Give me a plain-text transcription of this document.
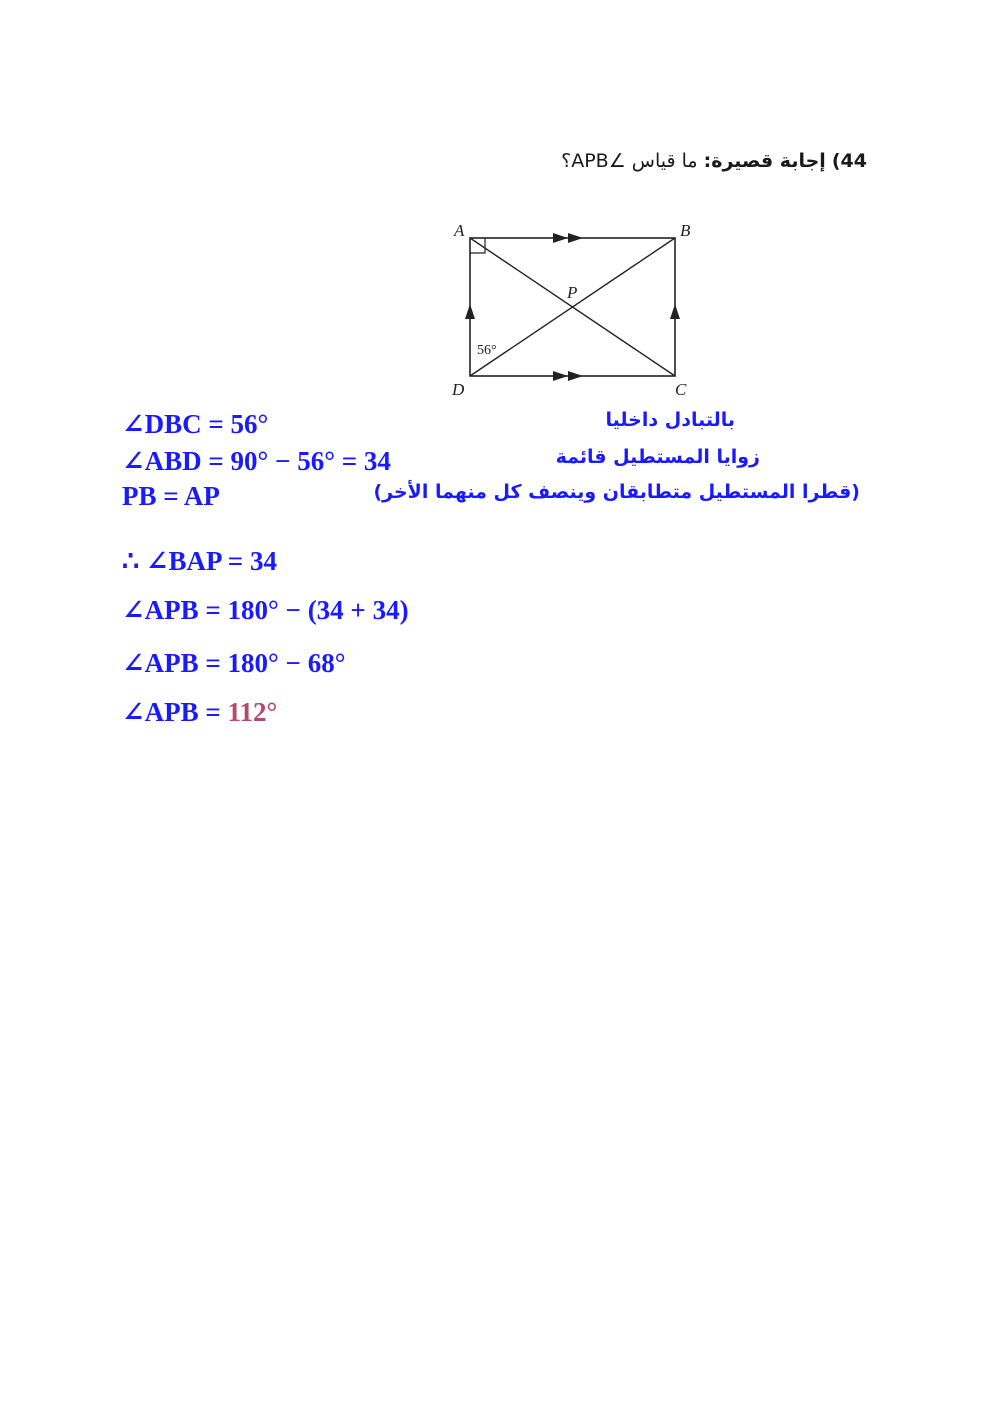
44) إجابة قصيرة: ما قياس ∠APB؟
A	B
C
D
P
56°
∠DBC = 56°	بالتبادل داخليا
∠ABD = 90° − 56° = 34	زوايا المستطيل قائمة
PB = AP	(قطرا المستطيل متطابقان وينصف كل منهما الأخر)
∴ ∠BAP = 34
∠APB = 180° − (34 + 34)
∠APB = 180° − 68°
∠APB = 112°
